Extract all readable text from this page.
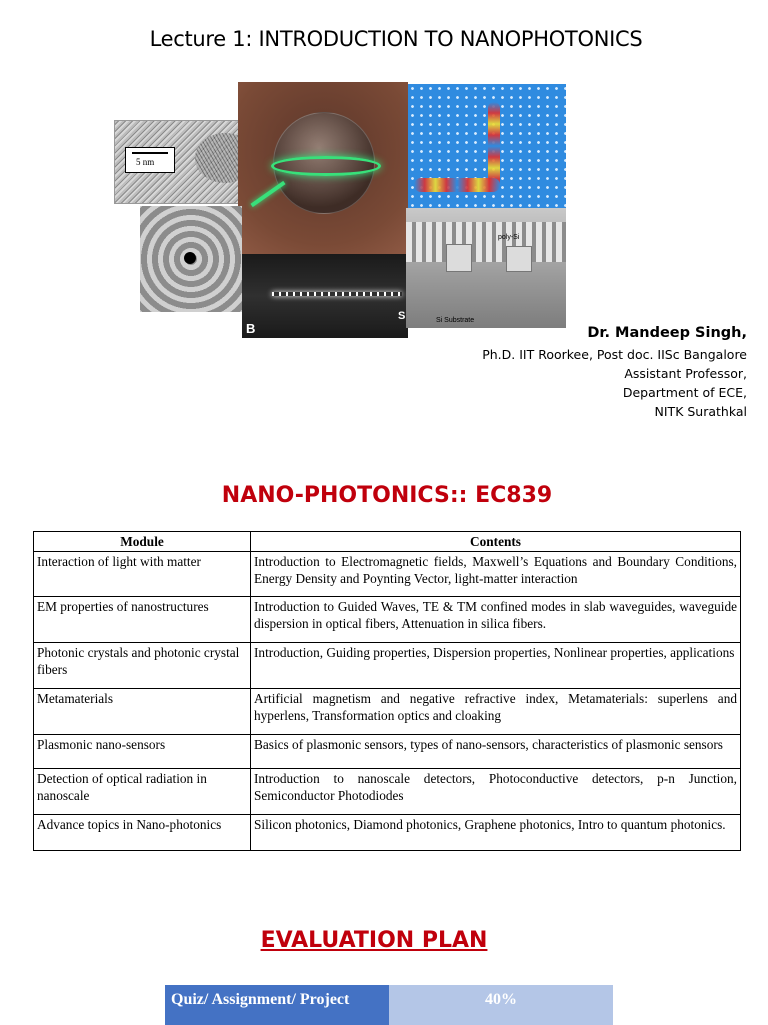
Lecture 1: INTRODUCTION TO NANOPHOTONICS
5 nm
B
S
poly-Si
Si Substrate
Dr. Mandeep Singh,
Ph.D. IIT Roorkee, Post doc. IISc Bangalore
Assistant Professor,
Department of ECE,
NITK Surathkal
NANO-PHOTONICS:: EC839
Module	Contents
Interaction of light with matter	Introduction to Electromagnetic fields, Maxwell’s Equations and Boundary Conditions, Energy Density and Poynting Vector, light-matter interaction
EM properties of nanostructures	Introduction to Guided Waves, TE & TM confined modes in slab waveguides, waveguide dispersion in optical fibers, Attenuation in silica fibers.
Photonic crystals and photonic crystal fibers	Introduction, Guiding properties, Dispersion properties, Nonlinear properties, applications
Metamaterials	Artificial magnetism and negative refractive index, Metamaterials: superlens and hyperlens, Transformation optics and cloaking
Plasmonic nano-sensors	Basics of plasmonic sensors, types of nano-sensors, characteristics of plasmonic sensors
Detection of optical radiation in nanoscale	Introduction to nanoscale detectors, Photoconductive detectors, p-n Junction, Semiconductor Photodiodes
Advance topics in Nano-photonics	Silicon photonics, Diamond photonics, Graphene photonics, Intro to quantum photonics.
EVALUATION PLAN
Quiz/ Assignment/ Project	40%
